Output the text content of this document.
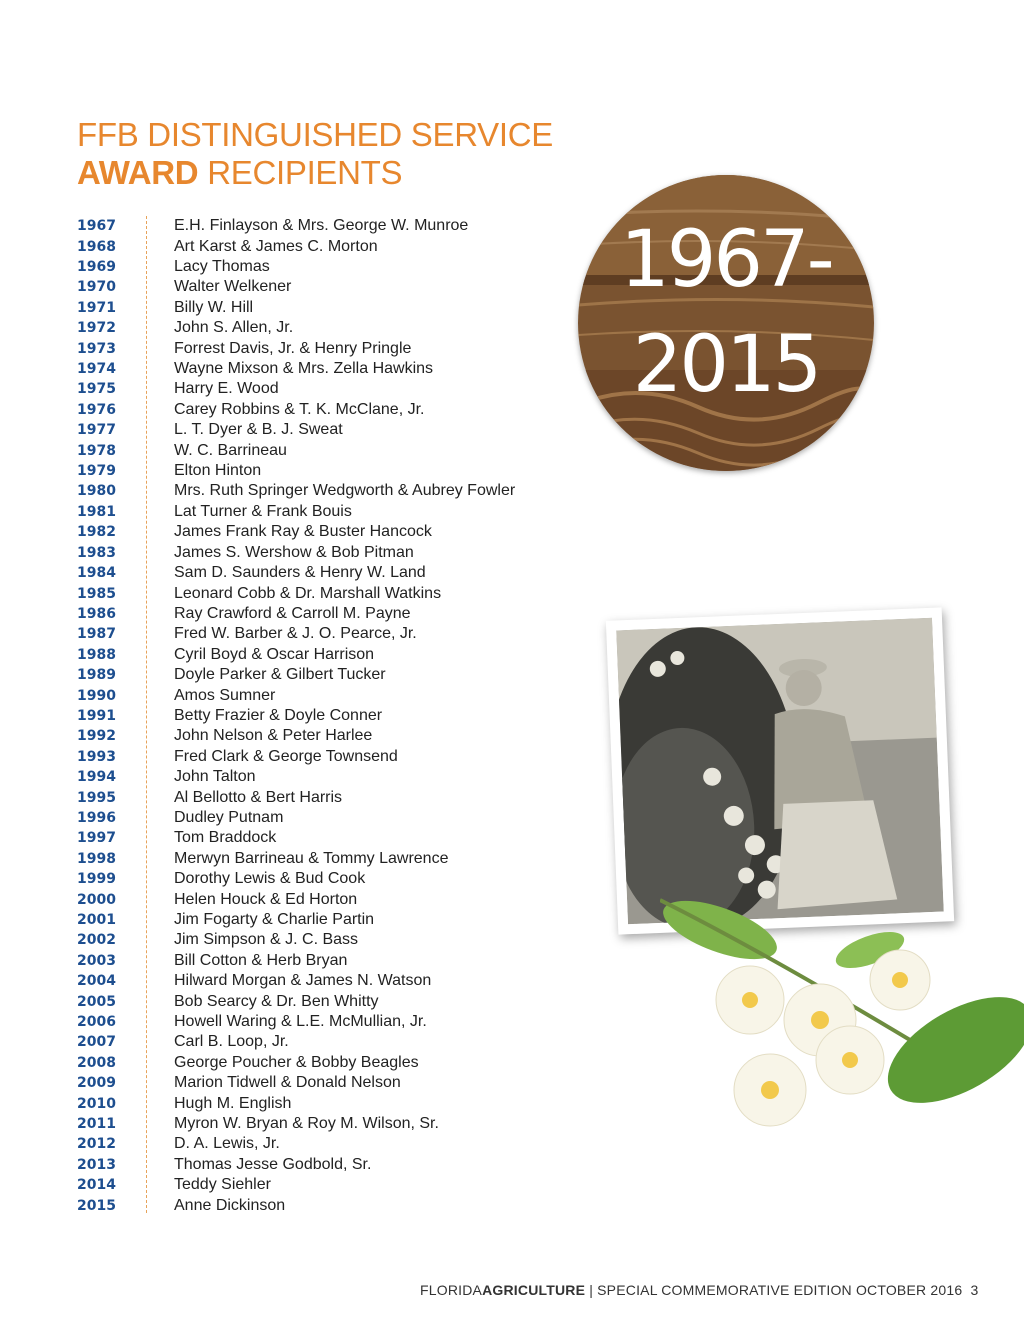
FFB DISTINGUISHED SERVICE
AWARD RECIPIENTS
1967	E.H. Finlayson & Mrs. George W. Munroe
1968	Art Karst & James C. Morton
1969	Lacy Thomas
1970	Walter Welkener
1971	Billy W. Hill
1972	John S. Allen, Jr.
1973	Forrest Davis, Jr. & Henry Pringle
1974	Wayne Mixson & Mrs. Zella Hawkins
1975	Harry E. Wood
1976	Carey Robbins & T. K. McClane, Jr.
1977	L. T. Dyer & B. J. Sweat
1978	W. C. Barrineau
1979	Elton Hinton
1980	Mrs. Ruth Springer Wedgworth & Aubrey Fowler
1981	Lat Turner & Frank Bouis
1982	James Frank Ray & Buster Hancock
1983	James S. Wershow & Bob Pitman
1984	Sam D. Saunders & Henry W. Land
1985	Leonard Cobb & Dr. Marshall Watkins
1986	Ray Crawford & Carroll M. Payne
1987	Fred W. Barber & J. O. Pearce, Jr.
1988	Cyril Boyd & Oscar Harrison
1989	Doyle Parker & Gilbert Tucker
1990	Amos Sumner
1991	Betty Frazier & Doyle Conner
1992	John Nelson & Peter Harlee
1993	Fred Clark & George Townsend
1994	John Talton
1995	Al Bellotto & Bert Harris
1996	Dudley Putnam
1997	Tom Braddock
1998	Merwyn Barrineau & Tommy Lawrence
1999	Dorothy Lewis & Bud Cook
2000	Helen Houck & Ed Horton
2001	Jim Fogarty & Charlie Partin
2002	Jim Simpson & J. C. Bass
2003	Bill Cotton & Herb Bryan
2004	Hilward Morgan & James N. Watson
2005	Bob Searcy & Dr. Ben Whitty
2006	Howell Waring & L.E. McMullian, Jr.
2007	Carl B. Loop, Jr.
2008	George Poucher & Bobby Beagles
2009	Marion Tidwell & Donald Nelson
2010	Hugh M. English
2011	Myron W. Bryan & Roy M. Wilson, Sr.
2012	D. A. Lewis, Jr.
2013	Thomas Jesse Godbold, Sr.
2014	Teddy Siehler
2015	Anne Dickinson
1967-
2015
FLORIDAAGRICULTURE | SPECIAL COMMEMORATIVE EDITION OCTOBER 2016 3
